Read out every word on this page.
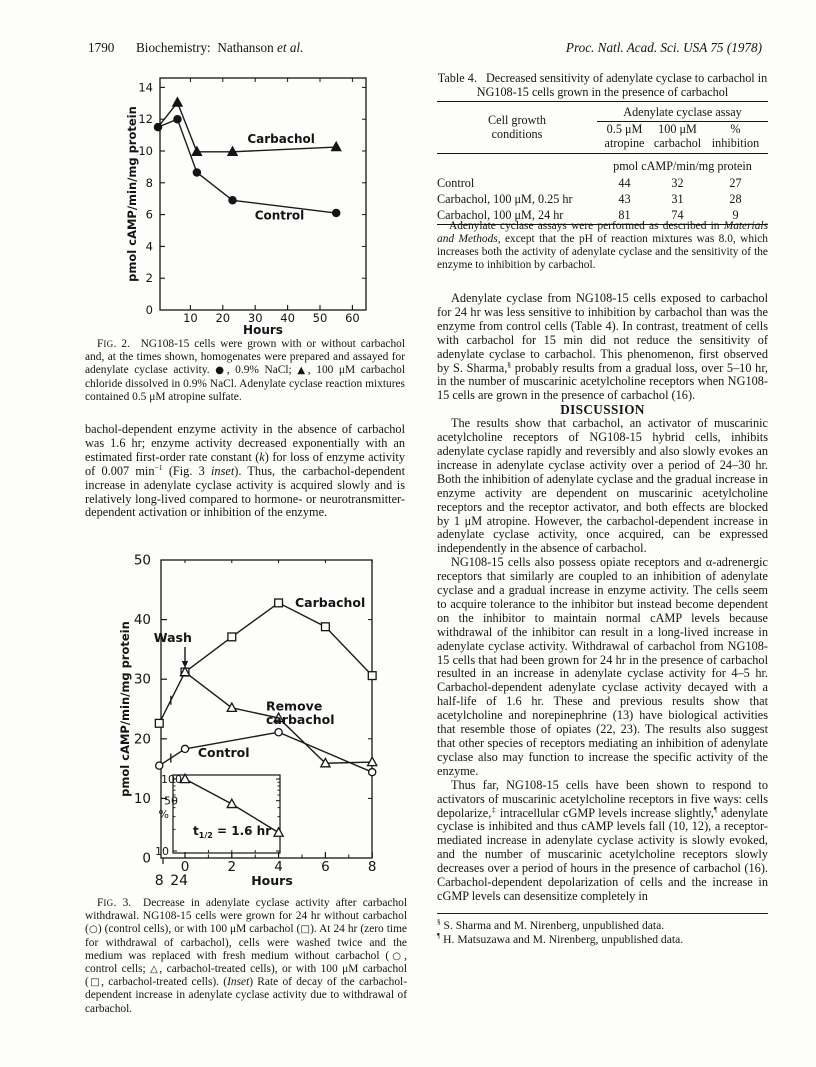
1790 Biochemistry:  Nathanson et al.	Proc. Natl. Acad. Sci. USA 75 (1978)
10 20 30 40 50 60
0
2
4
6
8
10
12
14
Hours
pmol cAMP/min/mg protein	Carbachol
Control
FIG. 2.  NG108-15 cells were grown with or without carbachol and, at the times shown, homogenates were prepared and assayed for adenylate cyclase activity. ●, 0.9% NaCl; ▲, 100 μM carbachol chloride dissolved in 0.9% NaCl. Adenylate cyclase reaction mixtures contained 0.5 μM atropine sulfate.
bachol-dependent enzyme activity in the absence of carbachol was 1.6 hr; enzyme activity decreased exponentially with an estimated first-order rate constant (k) for loss of enzyme activity of 0.007 $\min^{-1} (Fig$. 3 inset). Thus, the carbachol-dependent increase in adenylate cyclase activity is acquired slowly and is relatively long-lived compared to hormone- or neurotransmitter-dependent activation or inhibition of the enzyme.
0	2	4	6	8
0
10
20
30
40
50
8 24	Hours
pmol cAMP/min/mg protein
Carbachol
Remove
carbachol
Control
Wash
100
50
10
%
$t_{1/2} = 1.6$ hr
FIG. 3.  Decrease in adenylate cyclase activity after carbachol withdrawal. NG108-15 cells were grown for 24 hr without carbachol (○) (control cells), or with 100 μM carbachol (□). At 24 hr (zero time for withdrawal of carbachol), cells were washed twice and the medium was replaced with fresh medium without carbachol (○, control cells; △, carbachol-treated cells), or with 100 μM carbachol (□, carbachol-treated cells). (Inset) Rate of decay of the carbachol-dependent increase in adenylate cyclase activity due to withdrawal of carbachol.
Table 4.  Decreased sensitivity of adenylate cyclase to carbachol in NG108-15 cells grown in the presence of carbachol
Cell growth
conditions	Adenylate cyclase assay		
	0.5 μM
atropine	100 μM
carbachol	%
inhibition
	pmol cAMP/min/mg protein		
Control	44	32	27
Carbachol, 100 μM, 0.25 hr	43	31	28
Carbachol, 100 μM, 24 hr	81	74	9
Adenylate cyclase assays were performed as described in Materials and Methods, except that the pH of reaction mixtures was 8.0, which increases both the activity of adenylate cyclase and the sensitivity of the enzyme to inhibition by carbachol.

Adenylate cyclase from NG108-15 cells exposed to carbachol for 24 hr was less sensitive to inhibition by carbachol than was the enzyme from control cells (Table 4). In contrast, treatment of cells with carbachol for 15 min did not reduce the sensitivity of adenylate cyclase to carbachol. This phenomenon, first observed by S. Sharma,§ probably results from a gradual loss, over 5–10 hr, in the number of muscarinic acetylcholine receptors when NG108-15 cells are grown in the presence of carbachol (16).

DISCUSSION

The results show that carbachol, an activator of muscarinic acetylcholine receptors of NG108-15 hybrid cells, inhibits adenylate cyclase rapidly and reversibly and also slowly evokes an increase in adenylate cyclase activity over a period of 24–30 hr. Both the inhibition of adenylate cyclase and the gradual increase in enzyme activity are dependent on muscarinic acetylcholine receptors and the receptor activator, and both effects are blocked by 1 μM atropine. However, the carbachol-dependent increase in adenylate cyclase activity, once acquired, can be expressed independently in the absence of carbachol.

NG108-15 cells also possess opiate receptors and α-adrenergic receptors that similarly are coupled to an inhibition of adenylate cyclase and a gradual increase in enzyme activity. The cells seem to acquire tolerance to the inhibitor but instead become dependent on the inhibitor to maintain normal cAMP levels because withdrawal of the inhibitor can result in a long-lived increase in adenylate cyclase activity. Withdrawal of carbachol from NG108-15 cells that had been grown for 24 hr in the presence of carbachol resulted in an increase in adenylate cyclase activity for 4–5 hr. Carbachol-dependent adenylate cyclase activity decayed with a half-life of 1.6 hr. These and previous results show that acetylcholine and norepinephrine (13) have biological activities that resemble those of opiates (22, 23). The results also suggest that other species of receptors mediating an inhibition of adenylate cyclase also may function to increase the specific activity of the enzyme.

Thus far, NG108-15 cells have been shown to respond to activators of muscarinic acetylcholine receptors in five ways: cells depolarize,‡ intracellular cGMP levels increase slightly,¶ adenylate cyclase is inhibited and thus cAMP levels fall (10, 12), a receptor-mediated increase in adenylate cyclase activity is slowly evoked, and the number of muscarinic acetylcholine receptors slowly decreases over a period of hours in the presence of carbachol (16). Carbachol-dependent depolarization of cells and the increase in cGMP levels can desensitize completely in

§ S. Sharma and M. Nirenberg, unpublished data.
¶ H. Matsuzawa and M. Nirenberg, unpublished data.
